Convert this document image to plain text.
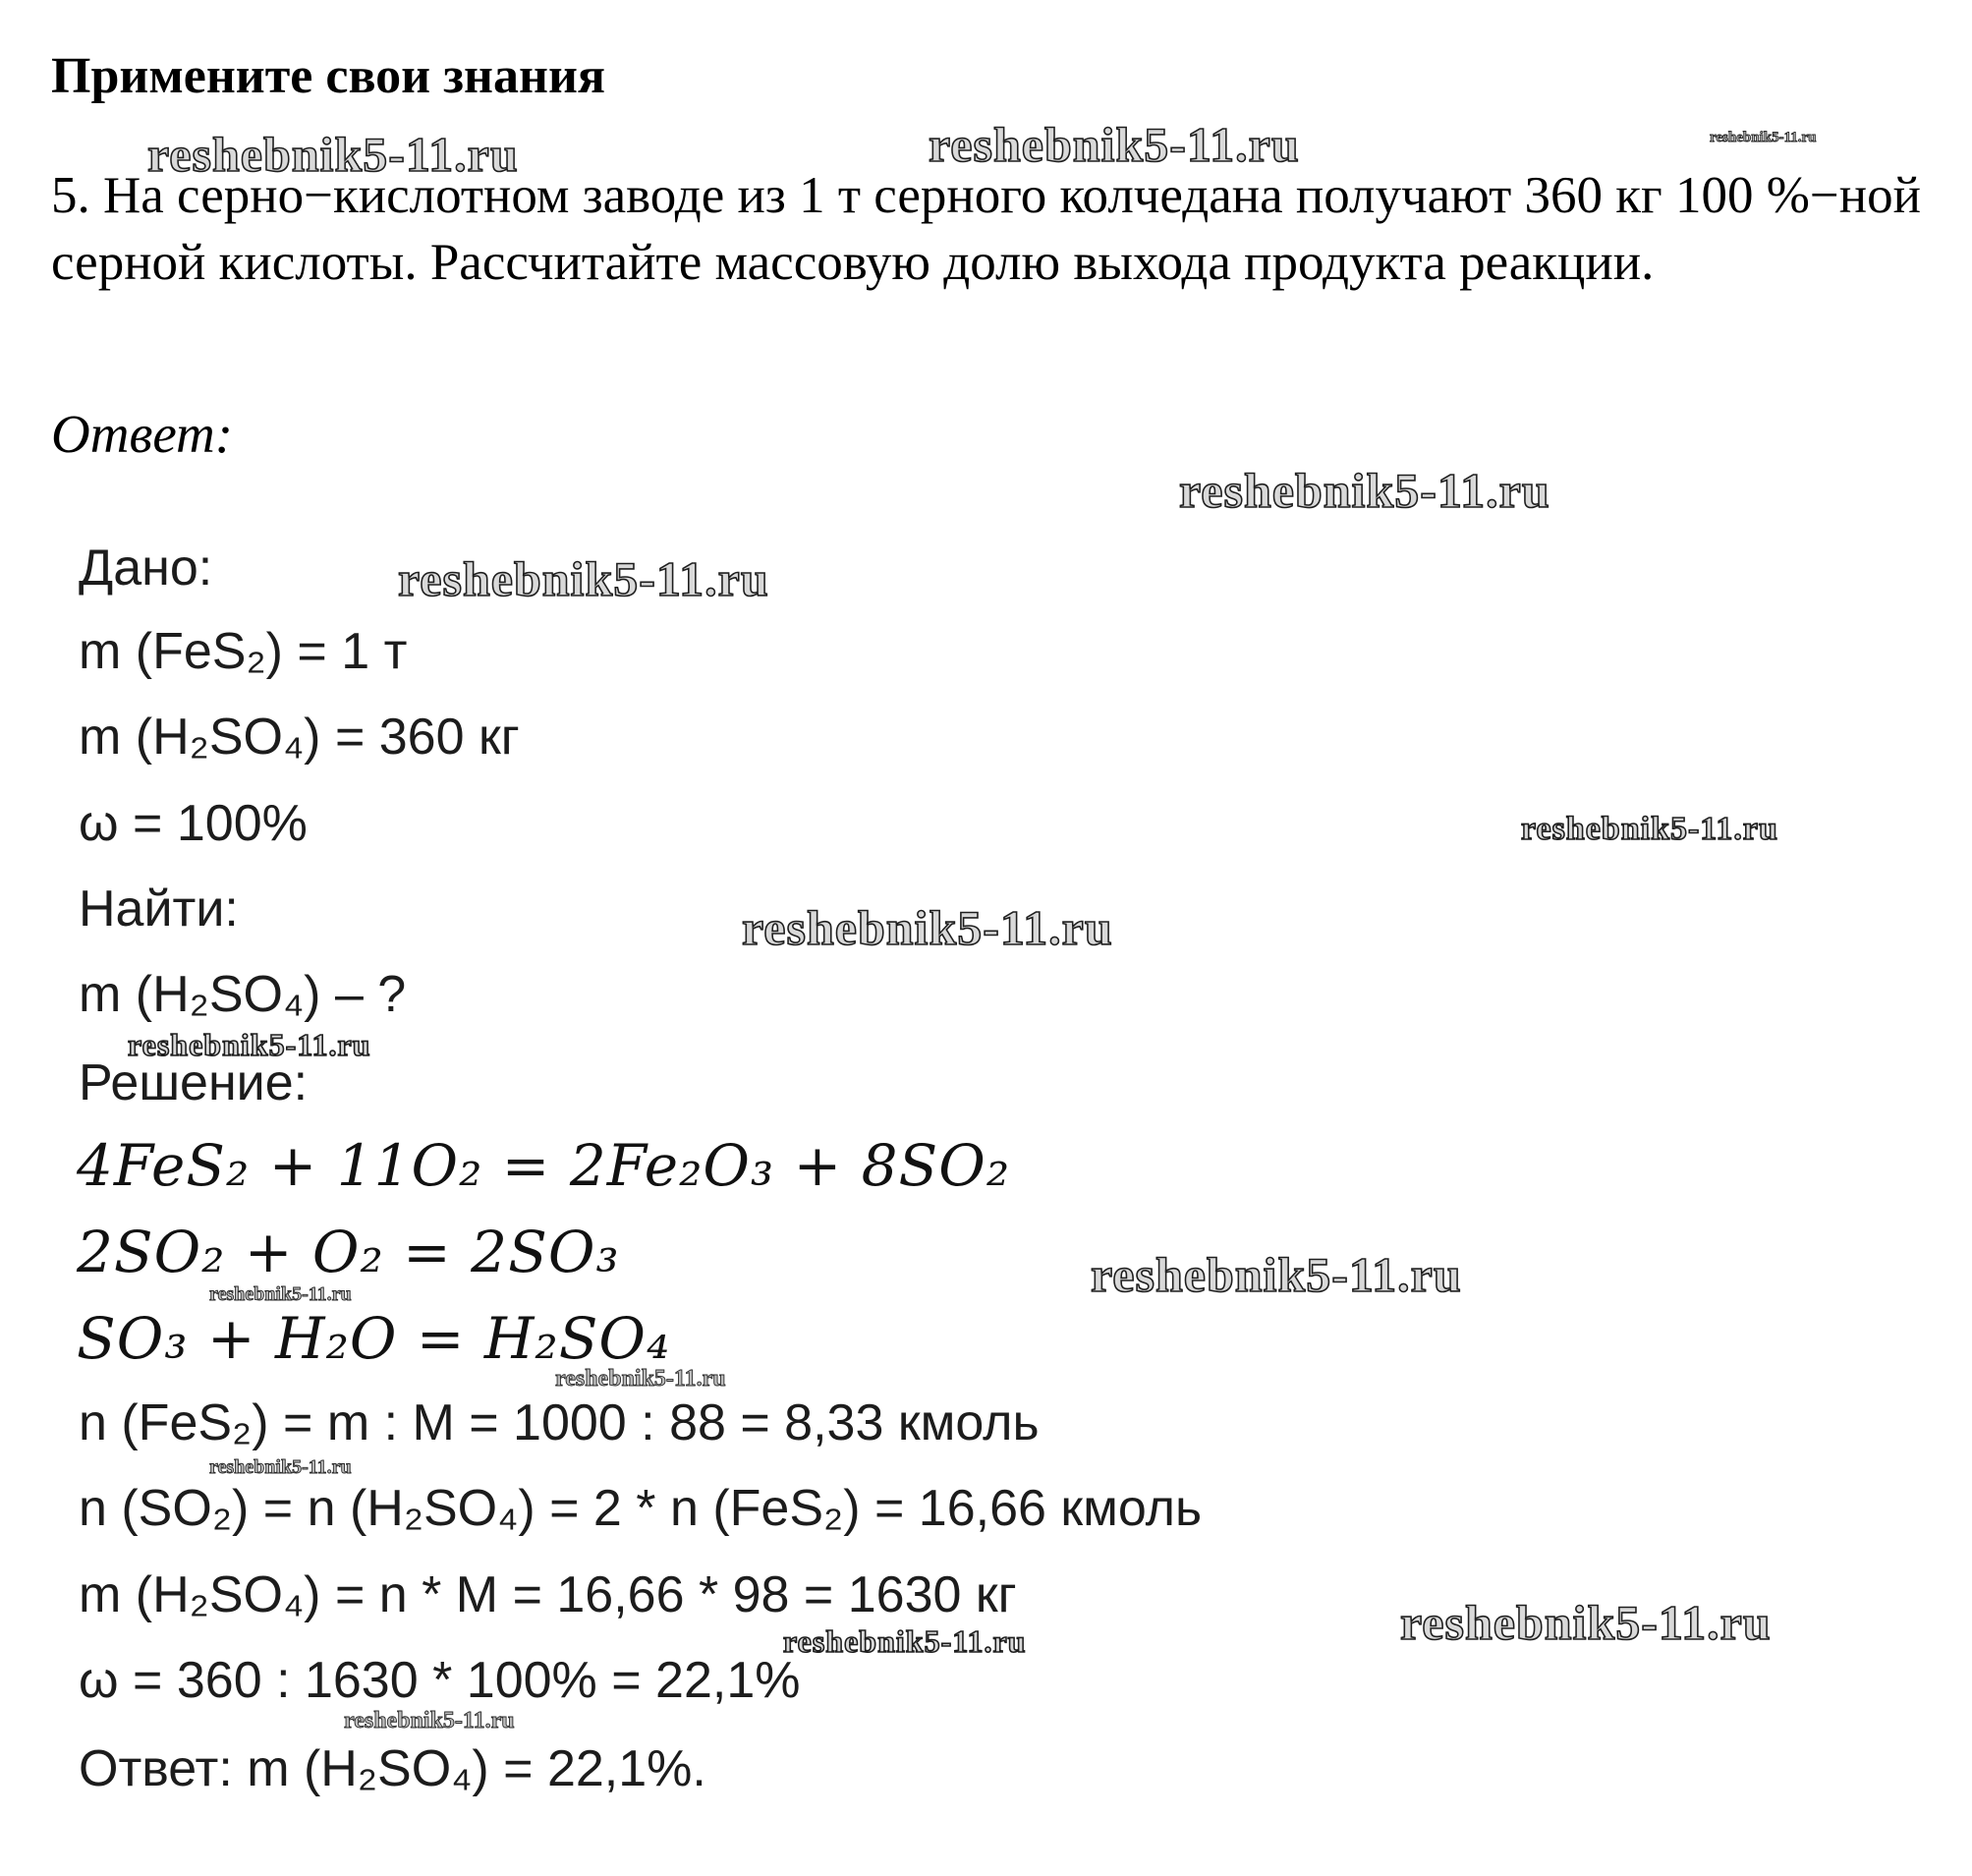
Примените свои знания
5. На серно−кислотном заводе из 1 т серного колчедана получают 360 кг 100 %−ной серной кислоты. Рассчитайте массовую долю выхода продукта реакции.
Ответ:
Дано:
m (FeS₂) = 1 т
m (H₂SO₄) = 360 кг
ω = 100%
Найти:
m (H₂SO₄) – ?
Решение:
4FeS₂ + 11O₂ = 2Fe₂O₃ + 8SO₂
2SO₂ + O₂ = 2SO₃
SO₃ + H₂O = H₂SO₄
n (FeS₂) = m : M = 1000 : 88 = 8,33 кмоль
n (SO₂) = n (H₂SO₄) = 2 * n (FeS₂) = 16,66 кмоль
m (H₂SO₄) = n * M = 16,66 * 98 = 1630 кг
ω = 360 : 1630 * 100% = 22,1%
Ответ: m (H₂SO₄) = 22,1%.
reshebnik5-11.ru	reshebnik5-11.ru	reshebnik5-11.ru
reshebnik5-11.ru
reshebnik5-11.ru
reshebnik5-11.ru
reshebnik5-11.ru
reshebnik5-11.ru
reshebnik5-11.ru
reshebnik5-11.ru
reshebnik5-11.ru
reshebnik5-11.ru
reshebnik5-11.ru
reshebnik5-11.ru
reshebnik5-11.ru
